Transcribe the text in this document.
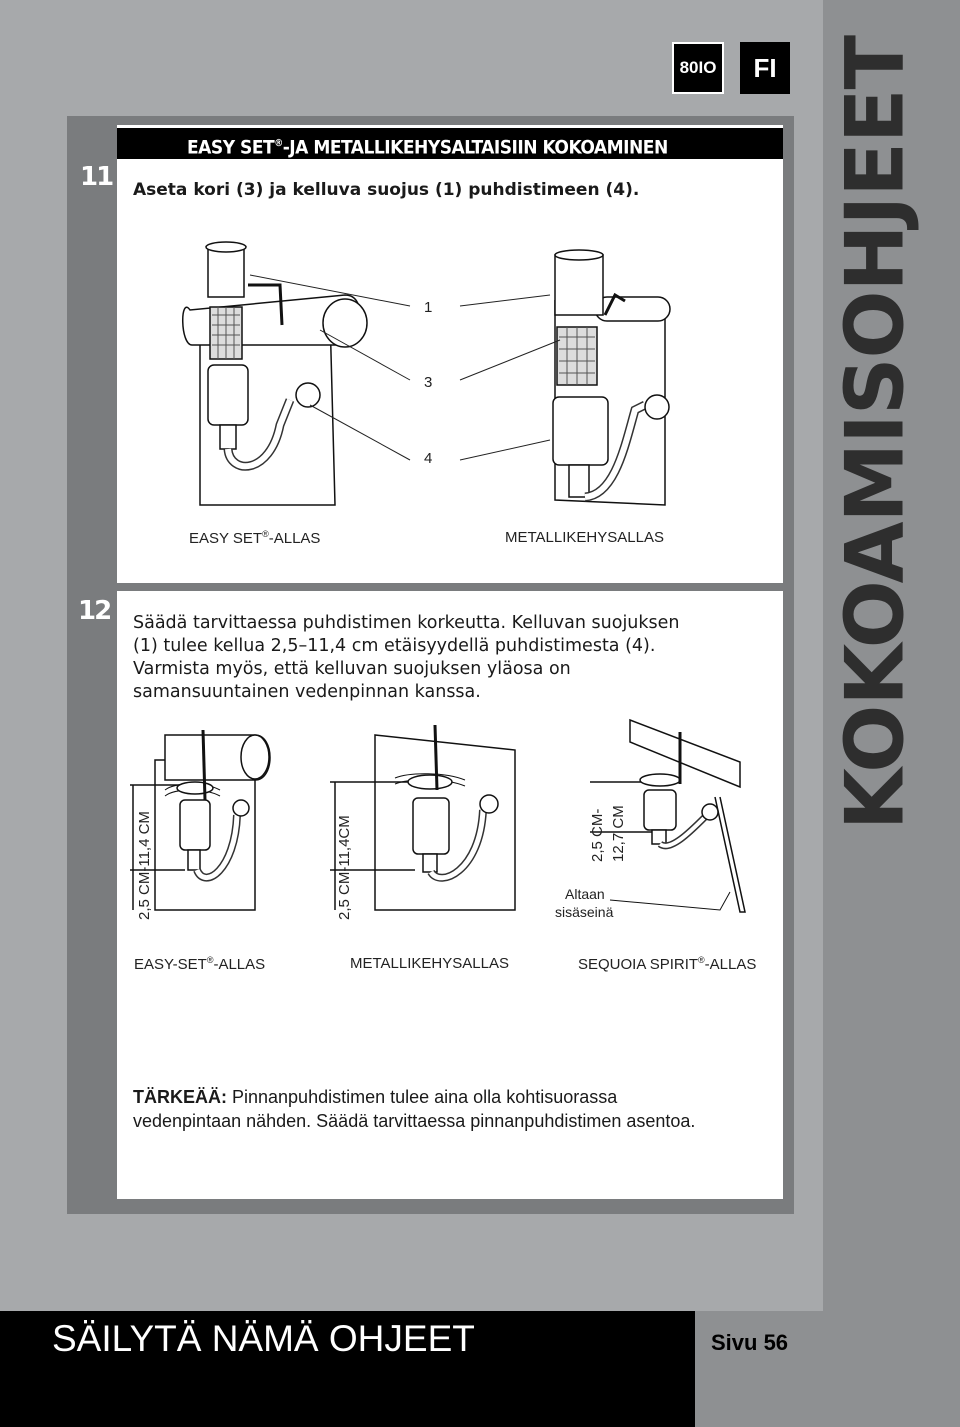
KOKOAMISOHJEET
80IO	FI
11
12
EASY SET®-JA METALLIKEHYSALTAISIIN KOKOAMINEN
Aseta kori (3) ja kelluva suojus (1) puhdistimeen (4).
1
3
4
EASY SET®-ALLAS	METALLIKEHYSALLAS
Säädä tarvittaessa puhdistimen korkeutta. Kelluvan suojuksen
(1) tulee kellua 2,5–11,4 cm etäisyydellä puhdistimesta (4).
Varmista myös, että kelluvan suojuksen yläosa on
samansuuntainen vedenpinnan kanssa.
2,5 CM-11,4 CM	2,5 CM-11,4CM	2,5 CM- 12,7 CM
Altaan
sisäseinä
EASY-SET®-ALLAS	METALLIKEHYSALLAS	SEQUOIA SPIRIT®-ALLAS
TÄRKEÄÄ: Pinnanpuhdistimen tulee aina olla kohtisuorassa
vedenpintaan nähden. Säädä tarvittaessa pinnanpuhdistimen asentoa.
SÄILYTÄ NÄMÄ OHJEET	Sivu 56
